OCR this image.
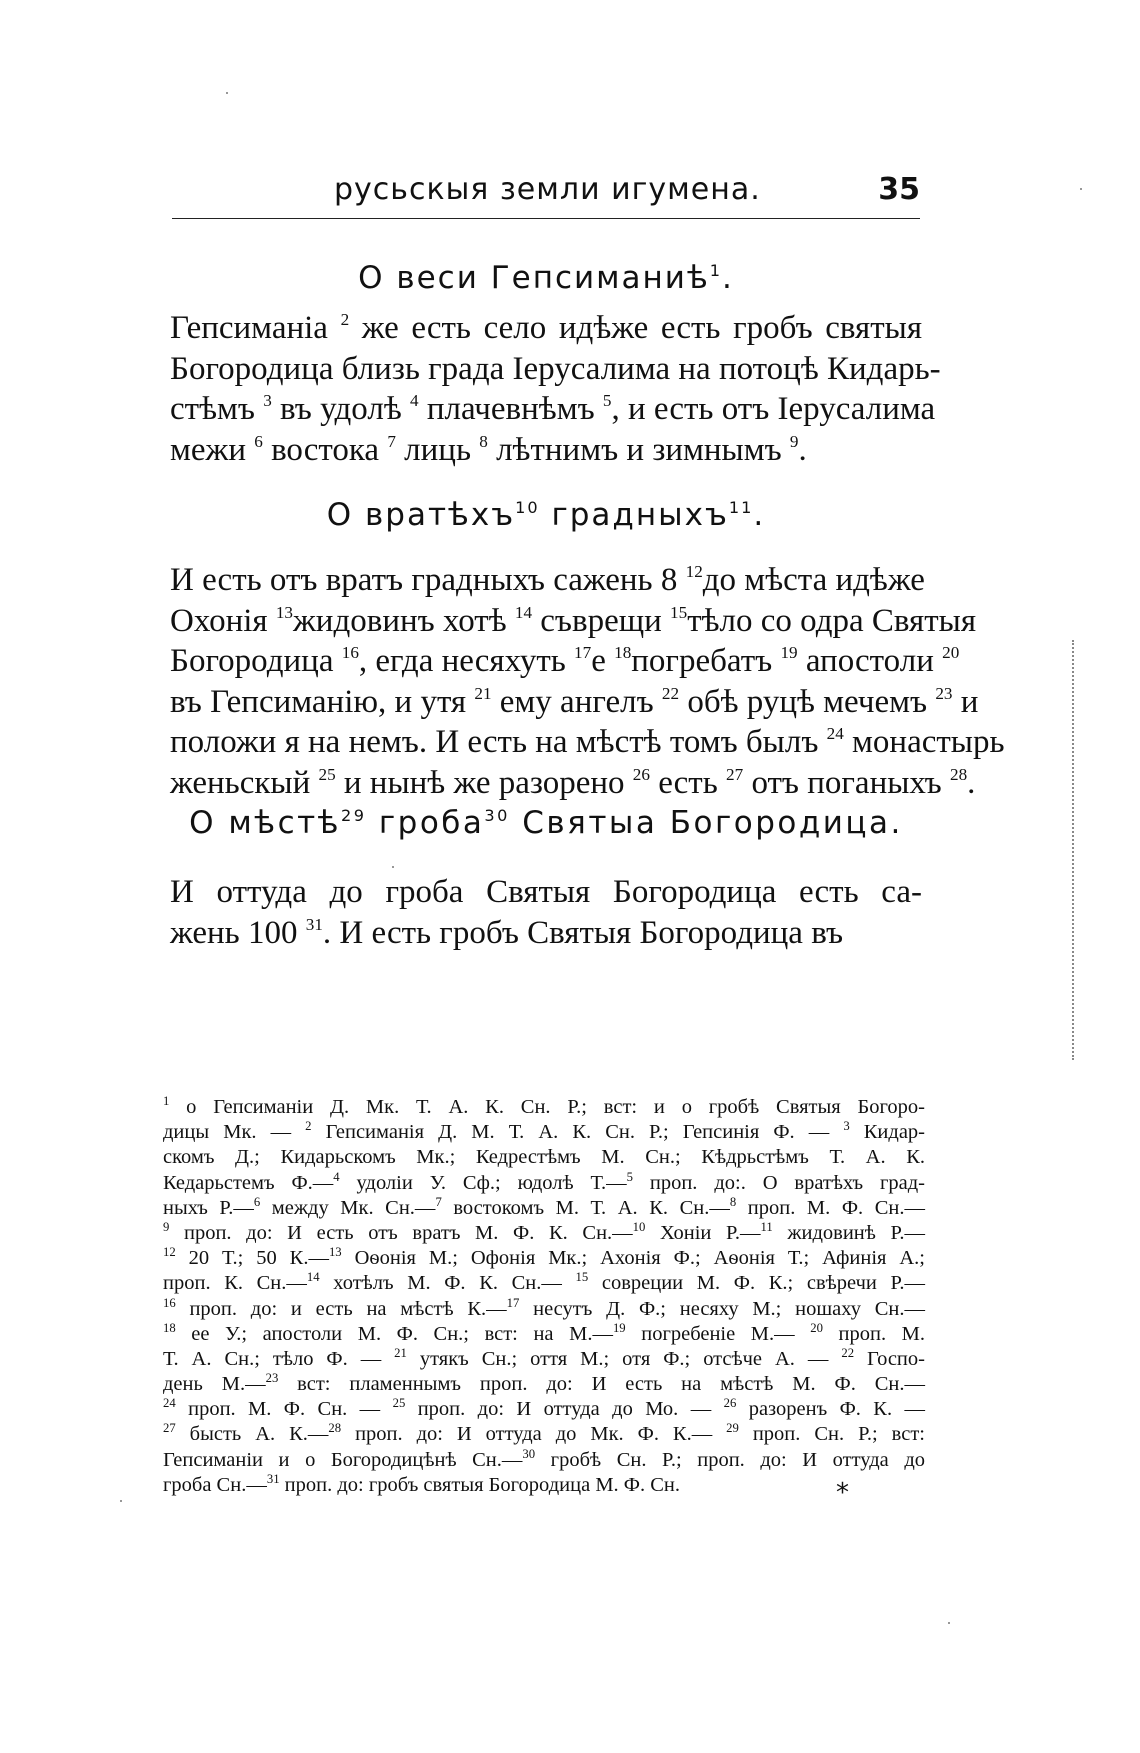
русьскыя земли игумена.	35
О веси Гепсиманиѣ$^1$.
Гепсиманіа $^2$ же есть село идѣже есть гробъ святыя
Богородица близь града Іерусалима на потоцѣ Кидарь-
стѣмъ $^3$ въ удолѣ $^4$ плачевнѣмъ $^5$, и есть отъ Іерусалима
межи $^6$ востока $^7$ лиць $^8$ лѣтнимъ и зимнымъ $^9$.
О вратѣхъ$^{10}$ градныхъ$^{11}$.
И есть отъ вратъ градныхъ сажень 8 $^{12}$до мѣста идѣже
Охонія $^{13}$жидовинъ хотѣ $^{14}$ съврещи $^{15}$тѣло со одра Святыя
Богородица $^{16}$, егда несяхуть $^{17}$е $^{18}$погребатъ $^{19}$ апостоли $^{20}$
въ Гепсиманію, и утя $^{21}$ ему ангелъ $^{22}$ обѣ руцѣ мечемъ $^{23}$ и
положи я на немъ. И есть на мѣстѣ томъ былъ $^{24}$ монастырь
женьскый $^{25}$ и нынѣ же разорено $^{26}$ есть $^{27}$ отъ поганыхъ $^{28}$.
О мѣстѣ$^{29}$ гроба$^{30}$ Святыа Богородица.
И оттуда до гроба Святыя Богородица есть са-
жень 100 $^{31}$. И есть гробъ Святыя Богородица въ
$^1$ о Гепсиманіи Д. Мк. Т. А. К. Сн. Р.; вст: и о гробѣ Святыя Богоро-
дицы Мк. — $^2$ Гепсиманія Д. М. Т. А. К. Сн. Р.; Гепсинія Ф. — $^3$ Кидар-
скомъ Д.; Кидарьскомъ Мк.; Кедрестѣмъ М. Сн.; Кѣдрьстѣмъ Т. А. К.
Кедарьстемъ Ф.—$^4$ удоліи У. Сф.; юдолѣ Т.—$^5$ проп. до:. О вратѣхъ град-
ныхъ Р.—$^6$ между Мк. Сн.—$^7$ востокомъ М. Т. А. К. Сн.—$^8$ проп. М. Ф. Сн.—
$^9$ проп. до: И есть отъ вратъ М. Ф. К. Сн.—$^{10}$ Хоніи Р.—$^{11}$ жидовинѣ Р.—
$^{12}$ 20 Т.; 50 К.—$^{13}$ Оѳонія М.; Офонія Мк.; Ахонія Ф.; Аѳонія Т.; Афинія А.;
проп. К. Сн.—$^{14}$ хотѣлъ М. Ф. К. Сн.— $^{15}$ совреции М. Ф. К.; свѣречи Р.—
$^{16}$ проп. до: и есть на мѣстѣ К.—$^{17}$ несутъ Д. Ф.; несяху М.; ношаху Сн.—
$^{18}$ ее У.; апостоли М. Ф. Сн.; вст: на М.—$^{19}$ погребеніе М.— $^{20}$ проп. М.
Т. А. Сн.; тѣло Ф. — $^{21}$ утякъ Сн.; оття М.; отя Ф.; отсѣче А. — $^{22}$ Госпо-
день М.—$^{23}$ вст: пламеннымъ проп. до: И есть на мѣстѣ М. Ф. Сн.—
$^{24}$ проп. М. Ф. Сн. — $^{25}$ проп. до: И оттуда до Мо. — $^{26}$ разоренъ Ф. К. —
$^{27}$ бысть А. К.—$^{28}$ проп. до: И оттуда до Мк. Ф. К.— $^{29}$ проп. Сн. Р.; вст:
Гепсиманіи и о Богородицѣнѣ Сн.—$^{30}$ гробѣ Сн. Р.; проп. до: И оттуда до
гроба Сн.—$^{31}$ проп. до: гробъ святыя Богородица М. Ф. Сн.	*
